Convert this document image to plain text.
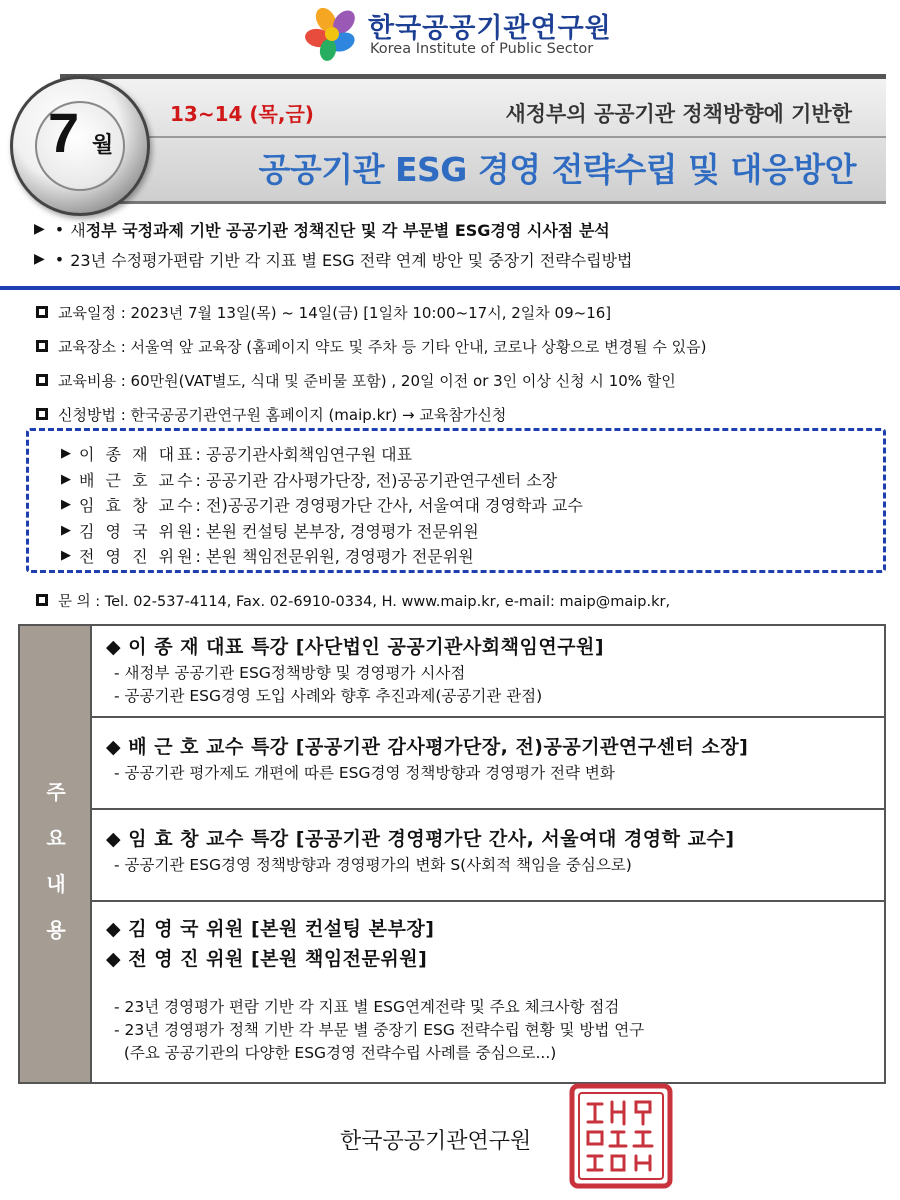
한국공공기관연구원
Korea Institute of Public Sector
7 월
13~14 (목,금)	새정부의 공공기관 정책방향에 기반한
공공기관 ESG 경영 전략수립 및 대응방안
▶ • 새 정부 국정과제 기반 공공기관 정책진단 및 각 부문별 ESG경영 시사점 분석
▶ • 23년 수정평가편람 기반 각 지표 별 ESG 전략 연계 방안 및 중장기 전략수립방법
교육일정 : 2023년 7월 13일(목) ~ 14일(금) [1일차 10:00~17시, 2일차 09~16]
교육장소 : 서울역 앞 교육장 (홈페이지 약도 및 주차 등 기타 안내, 코로나 상황으로 변경될 수 있음)
교육비용 : 60만원(VAT별도, 식대 및 준비물 포함) , 20일 이전 or 3인 이상 신청 시 10% 할인
신청방법 : 한국공공기관연구원 홈페이지 (maip.kr) → 교육참가신청
▶ 이 종 재 대표 : 공공기관사회책임연구원 대표
▶ 배 근 호 교수 : 공공기관 감사평가단장, 전)공공기관연구센터 소장
▶ 임 효 창 교수 : 전)공공기관 경영평가단 간사, 서울여대 경영학과 교수
▶ 김 영 국 위원 : 본원 컨설팅 본부장, 경영평가 전문위원
▶ 전 영 진 위원 : 본원 책임전문위원, 경영평가 전문위원
문 의 : Tel. 02-537-4114, Fax. 02-6910-0334, H. www.maip.kr, e-mail: maip@maip.kr,
주
요
내
용
◆ 이 종 재 대표 특강 [사단법인 공공기관사회책임연구원]
- 새정부 공공기관 ESG정책방향 및 경영평가 시사점
- 공공기관 ESG경영 도입 사례와 향후 추진과제(공공기관 관점)
◆ 배 근 호 교수 특강 [공공기관 감사평가단장, 전)공공기관연구센터 소장]
- 공공기관 평가제도 개편에 따른 ESG경영 정책방향과 경영평가 전략 변화
◆ 임 효 창 교수 특강 [공공기관 경영평가단 간사, 서울여대 경영학 교수]
- 공공기관 ESG경영 정책방향과 경영평가의 변화 S(사회적 책임을 중심으로)
◆ 김 영 국 위원 [본원 컨설팅 본부장]
◆ 전 영 진 위원 [본원 책임전문위원]
- 23년 경영평가 편람 기반 각 지표 별 ESG연계전략 및 주요 체크사항 점검
- 23년 경영평가 정책 기반 각 부문 별 중장기 ESG 전략수립 현황 및 방법 연구
(주요 공공기관의 다양한 ESG경영 전략수립 사례를 중심으로...)
한국공공기관연구원
